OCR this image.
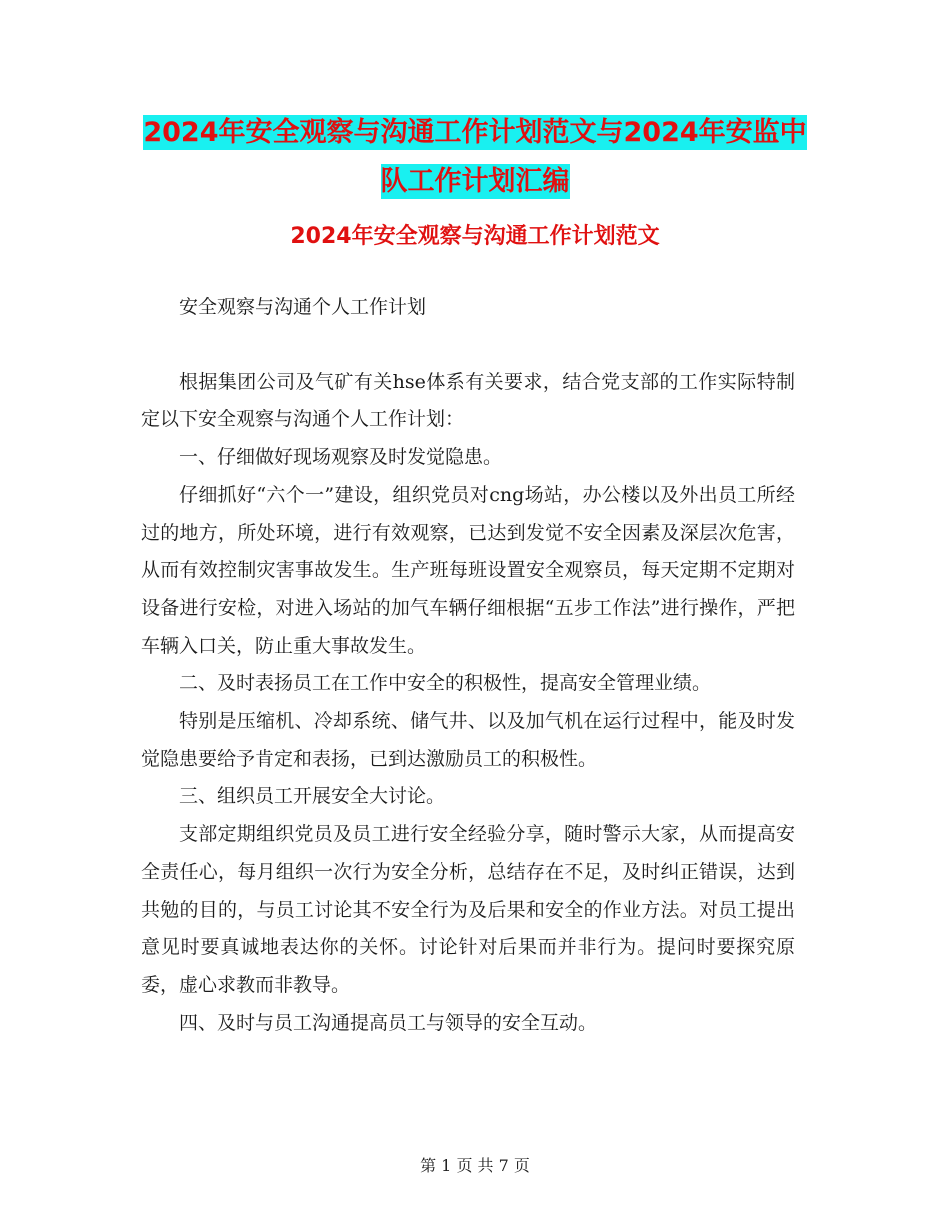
2024年安全观察与沟通工作计划范文与2024年安监中队工作计划汇编
2024年安全观察与沟通工作计划范文

安全观察与沟通个人工作计划

根据集团公司及气矿有关hse体系有关要求，结合党支部的工作实际特制定以下安全观察与沟通个人工作计划：

一、仔细做好现场观察及时发觉隐患。

仔细抓好“六个一”建设，组织党员对cng场站，办公楼以及外出员工所经过的地方，所处环境，进行有效观察，已达到发觉不安全因素及深层次危害，从而有效控制灾害事故发生。生产班每班设置安全观察员，每天定期不定期对设备进行安检，对进入场站的加气车辆仔细根据“五步工作法”进行操作，严把车辆入口关，防止重大事故发生。

二、及时表扬员工在工作中安全的积极性，提高安全管理业绩。

特别是压缩机、冷却系统、储气井、以及加气机在运行过程中，能及时发觉隐患要给予肯定和表扬，已到达激励员工的积极性。

三、组织员工开展安全大讨论。

支部定期组织党员及员工进行安全经验分享，随时警示大家，从而提高安全责任心，每月组织一次行为安全分析，总结存在不足，及时纠正错误，达到共勉的目的，与员工讨论其不安全行为及后果和安全的作业方法。对员工提出意见时要真诚地表达你的关怀。讨论针对后果而并非行为。提问时要探究原委，虚心求教而非教导。

四、及时与员工沟通提高员工与领导的安全互动。

第 1 页 共 7 页
